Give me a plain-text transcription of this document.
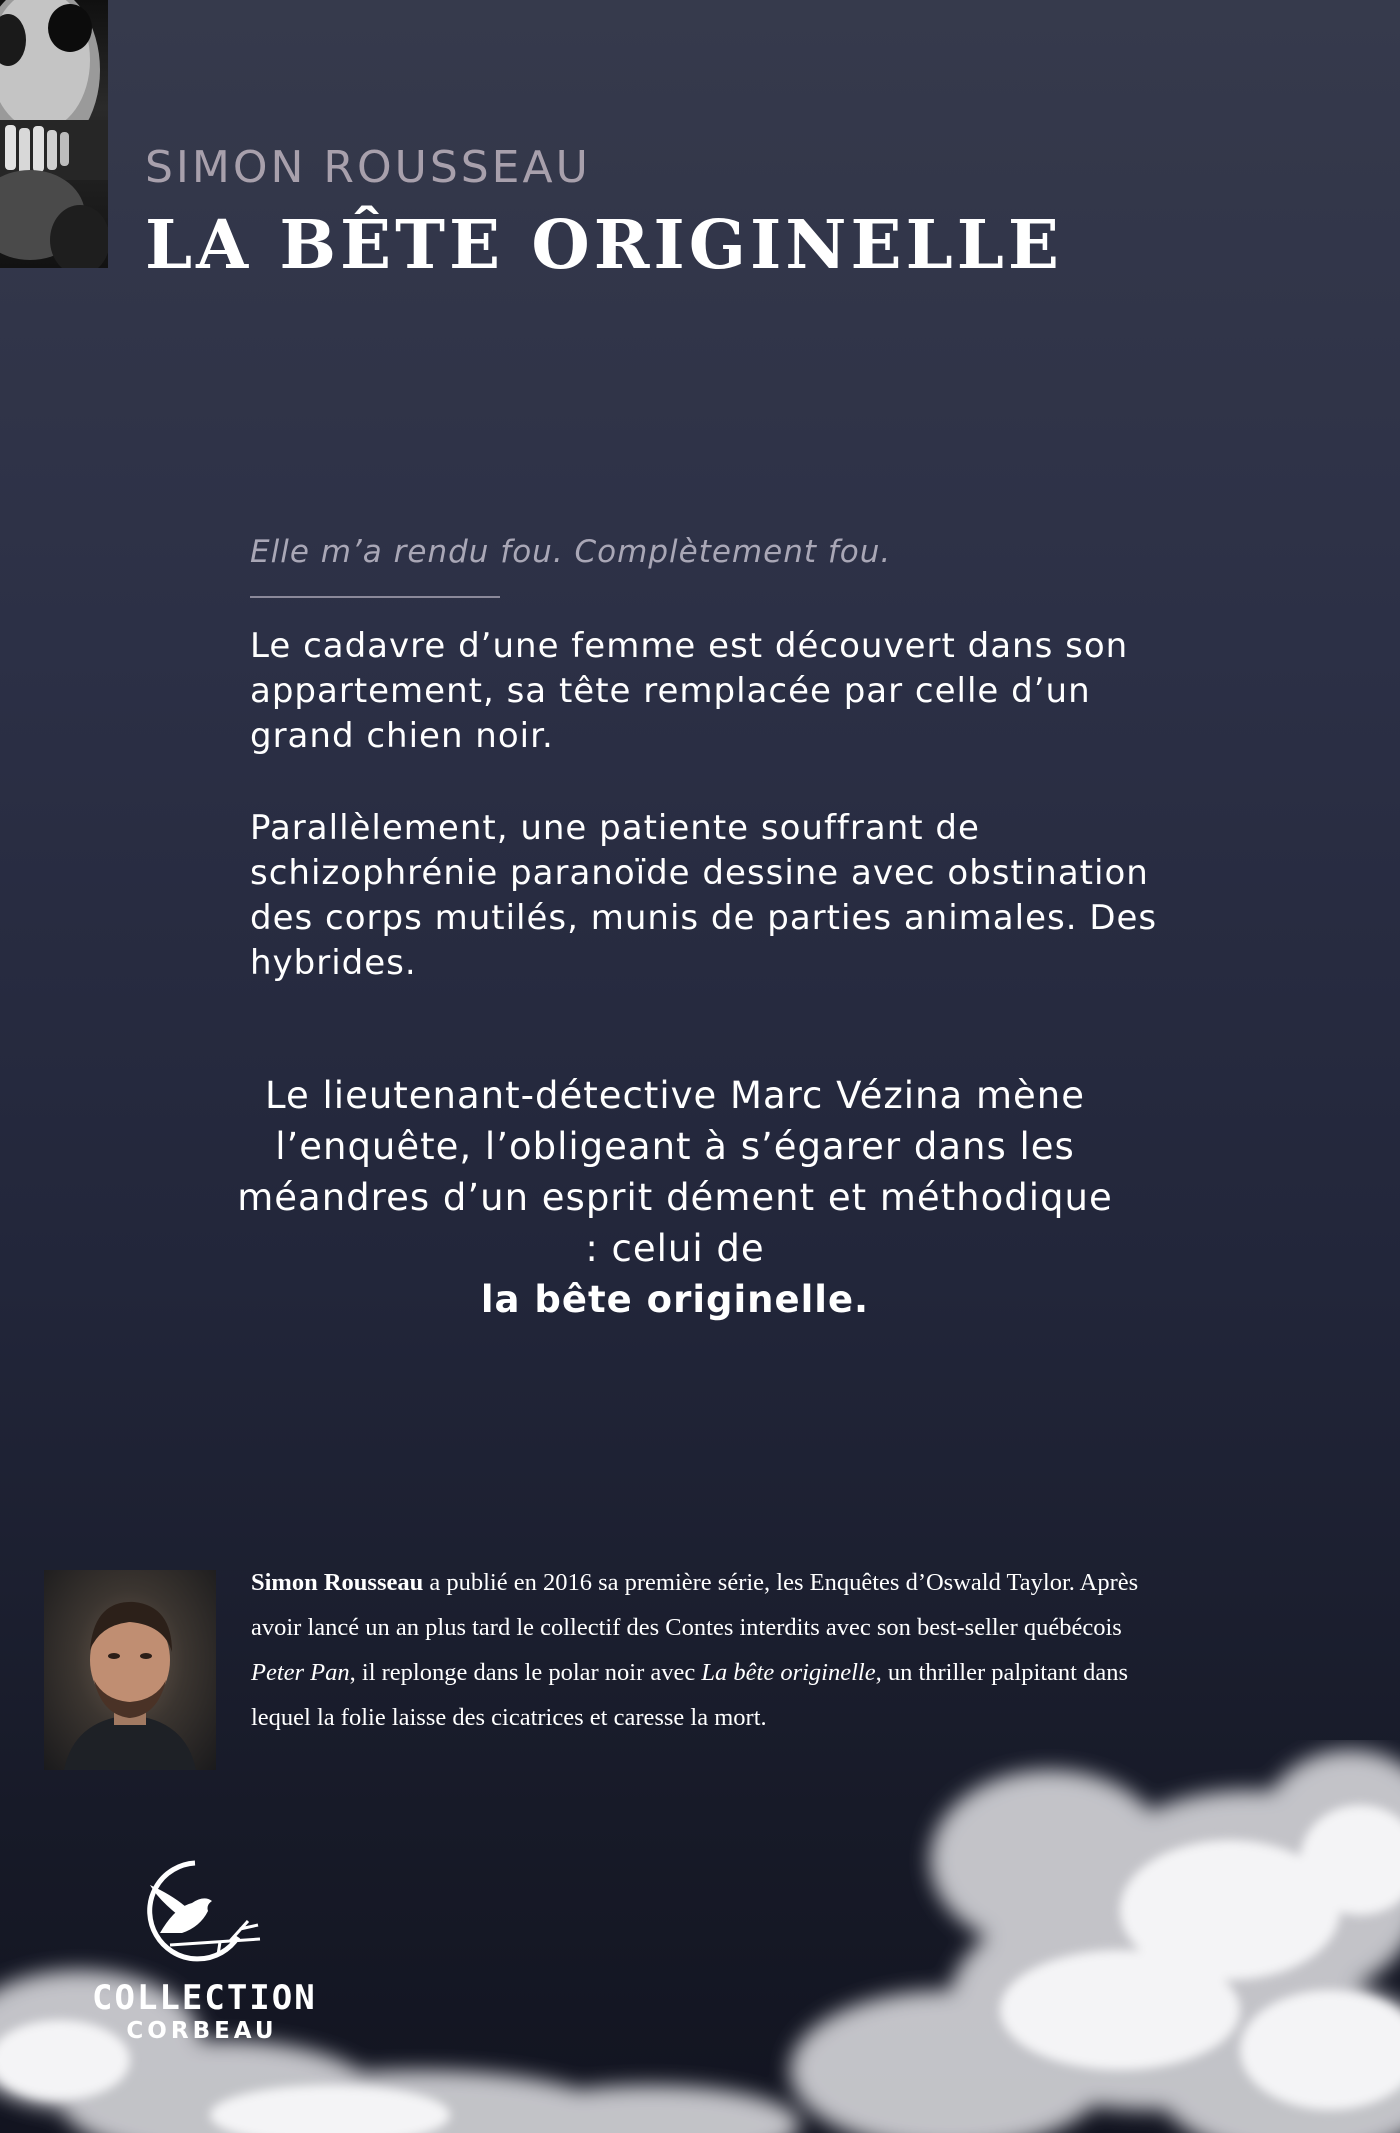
SIMON ROUSSEAU
LA BÊTE ORIGINELLE

Elle m’a rendu fou. Complètement fou.

Le cadavre d’une femme est découvert dans son appartement, sa tête remplacée par celle d’un grand chien noir.

Parallèlement, une patiente souffrant de schizophrénie paranoïde dessine avec obstination des corps mutilés, munis de parties animales. Des hybrides.

Le lieutenant-détective Marc Vézina mène l’enquête, l’obligeant à s’égarer dans les méandres d’un esprit dément et méthodique : celui de
la bête originelle.

Simon Rousseau a publié en 2016 sa première série, les Enquêtes d’Oswald Taylor. Après avoir lancé un an plus tard le collectif des Contes interdits avec son best-seller québécois Peter Pan, il replonge dans le polar noir avec La bête originelle, un thriller palpitant dans lequel la folie laisse des cicatrices et caresse la mort.

COLLECTION

CORBEAU
